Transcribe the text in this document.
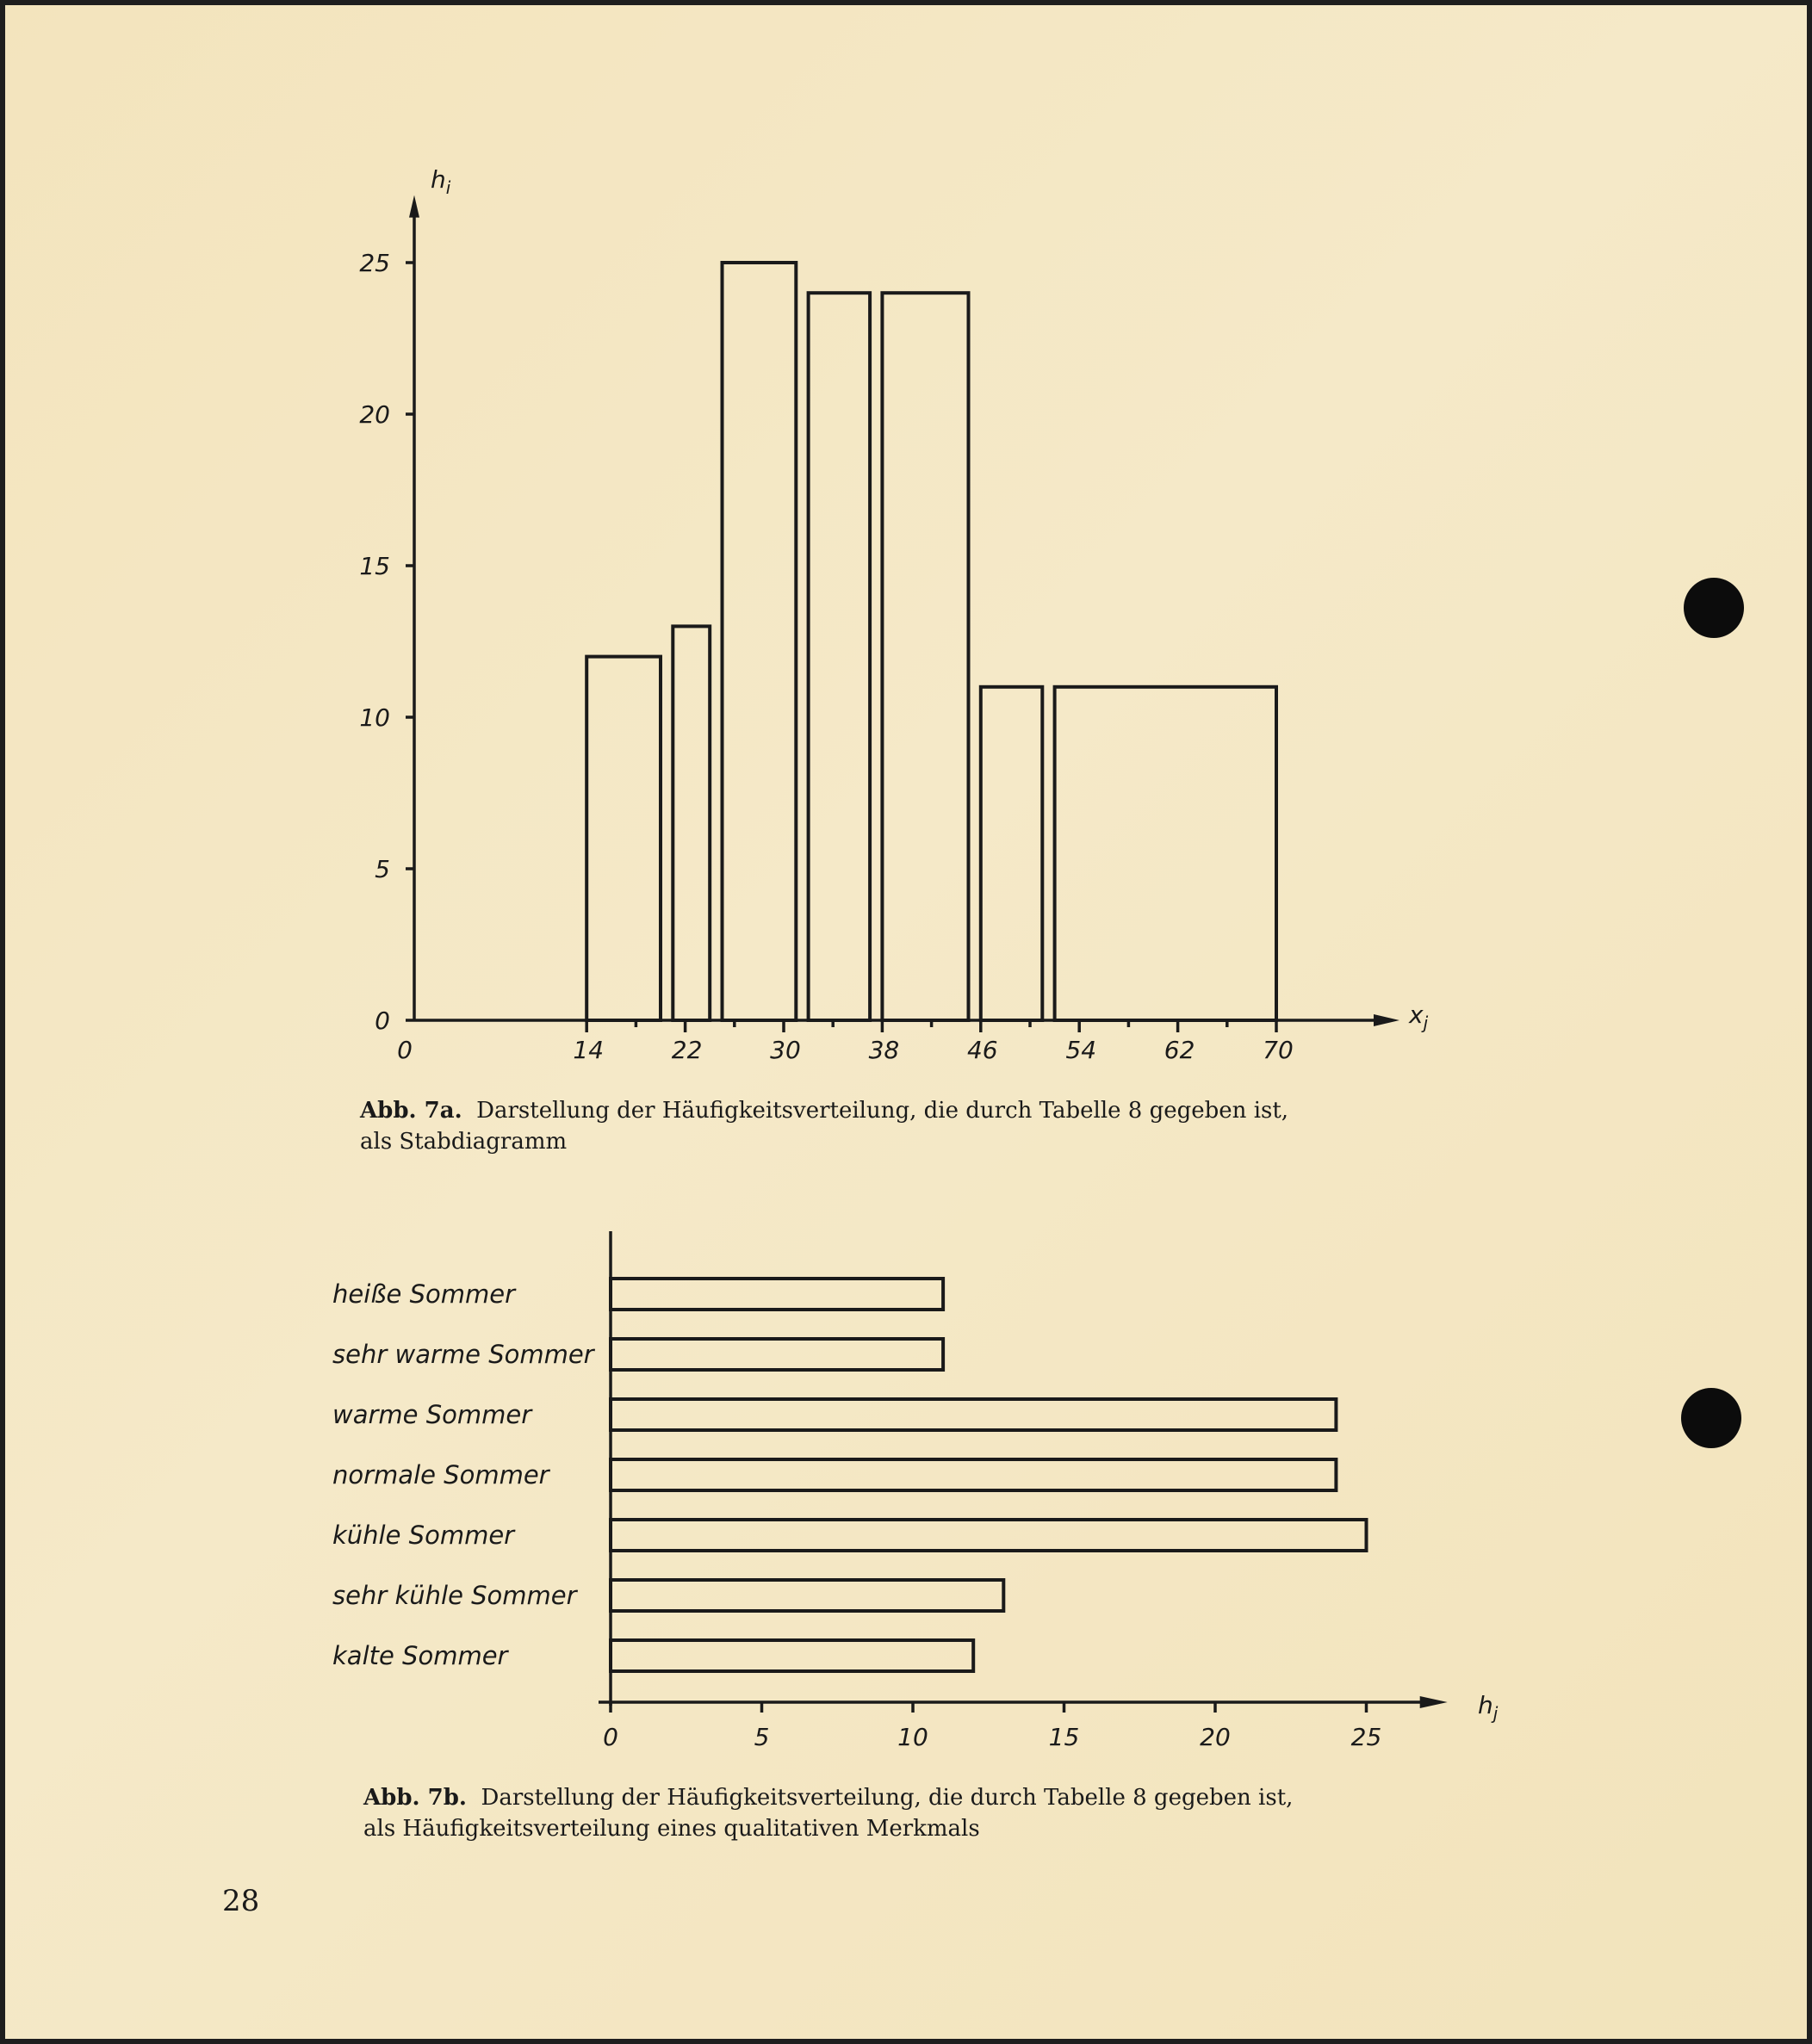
0
5
10
15
20
25
0	14	22	30	38	46	54	62	70
$h_i$
$x_j$
Abb. 7a. Darstellung der Häufigkeitsverteilung, die durch Tabelle 8 gegeben ist,
als Stabdiagramm
heiße Sommer
sehr warme Sommer
warme Sommer
normale Sommer
kühle Sommer
sehr kühle Sommer
kalte Sommer
0	5	10	15	20	25
$h_j$
Abb. 7b. Darstellung der Häufigkeitsverteilung, die durch Tabelle 8 gegeben ist,
als Häufigkeitsverteilung eines qualitativen Merkmals
28
